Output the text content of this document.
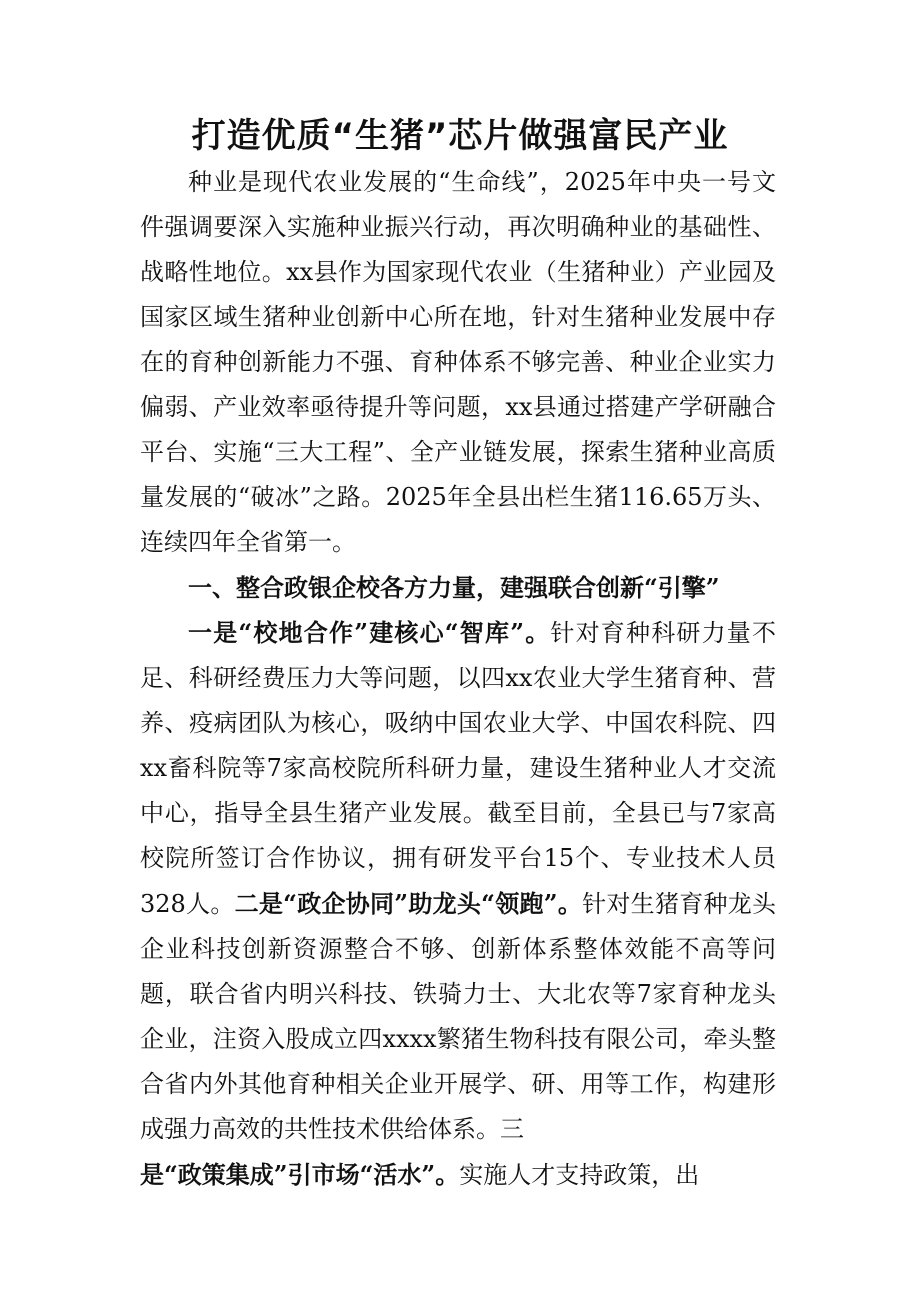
打造优质“生猪”芯片做强富民产业

种业是现代农业发展的“生命线”，2025年中央一号文件强调要深入实施种业振兴行动，再次明确种业的基础性、战略性地位。xx县作为国家现代农业（生猪种业）产业园及国家区域生猪种业创新中心所在地，针对生猪种业发展中存在的育种创新能力不强、育种体系不够完善、种业企业实力偏弱、产业效率亟待提升等问题，xx县通过搭建产学研融合平台、实施“三大工程”、全产业链发展，探索生猪种业高质量发展的“破冰”之路。2025年全县出栏生猪116.65万头、连续四年全省第一。

一、整合政银企校各方力量，建强联合创新“引擎”

一是“校地合作”建核心“智库”。针对育种科研力量不足、科研经费压力大等问题，以四xx农业大学生猪育种、营养、疫病团队为核心，吸纳中国农业大学、中国农科院、四xx畜科院等7家高校院所科研力量，建设生猪种业人才交流中心，指导全县生猪产业发展。截至目前，全县已与7家高校院所签订合作协议，拥有研发平台15个、专业技术人员328人。二是“政企协同”助龙头“领跑”。针对生猪育种龙头企业科技创新资源整合不够、创新体系整体效能不高等问题，联合省内明兴科技、铁骑力士、大北农等7家育种龙头企业，注资入股成立四xxxx繁猪生物科技有限公司，牵头整合省内外其他育种相关企业开展学、研、用等工作，构建形成强力高效的共性技术供给体系。三

是“政策集成”引市场“活水”。实施人才支持政策，出
